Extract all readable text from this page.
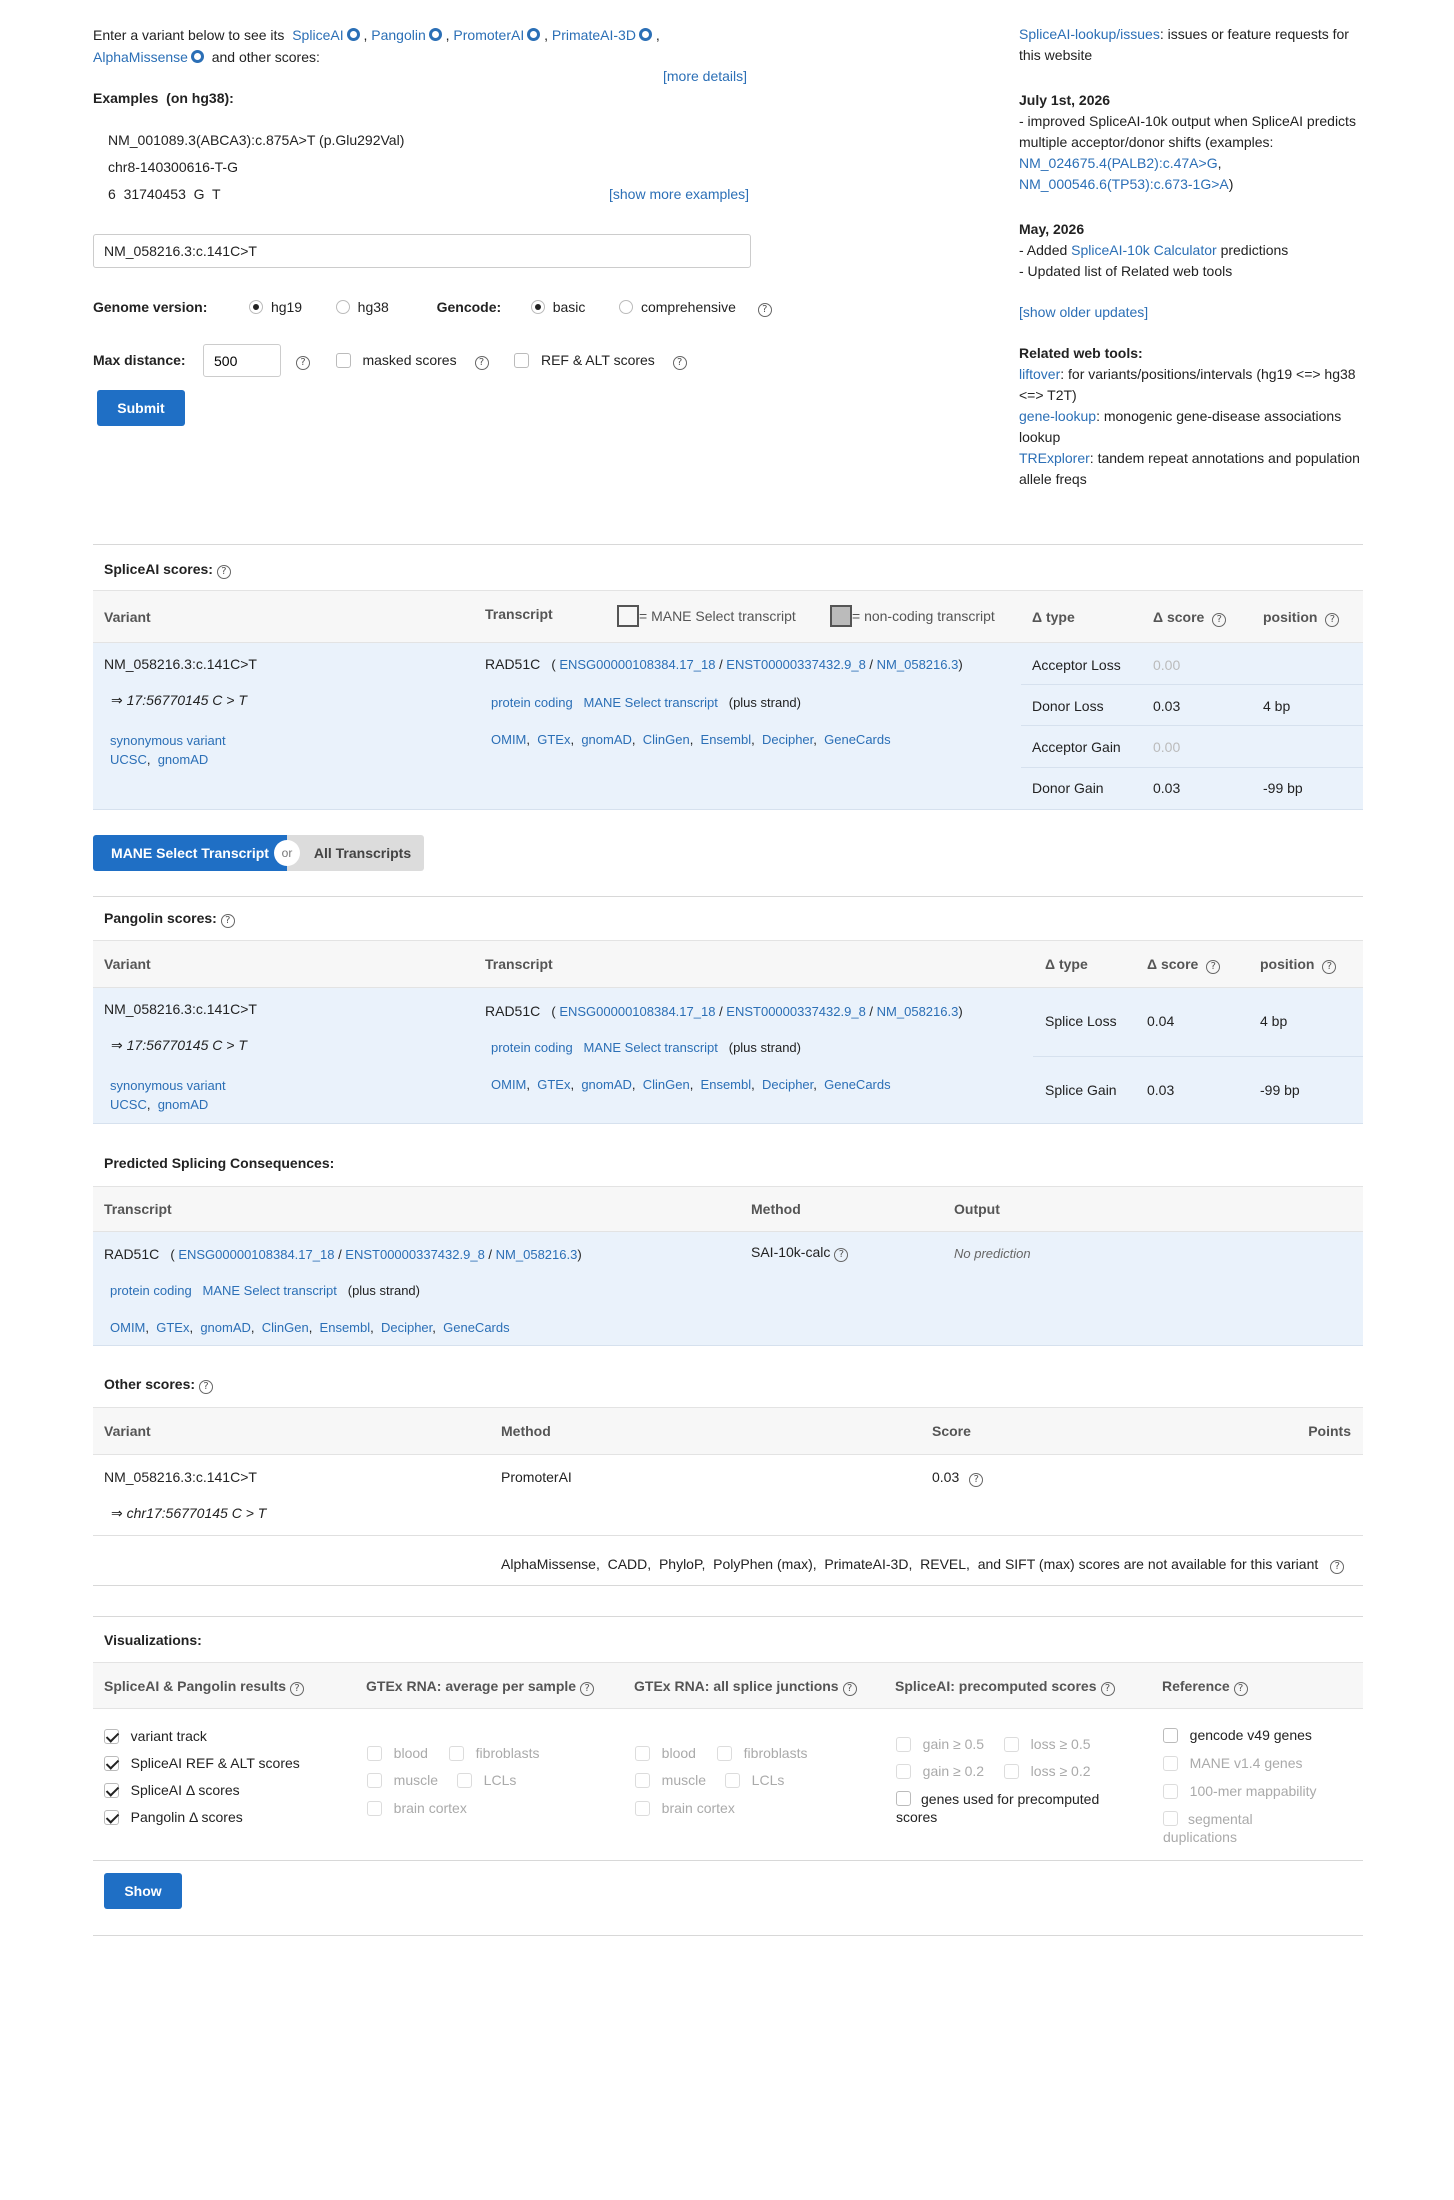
Enter a variant below to see its SpliceAI , Pangolin , PromoterAI , PrimateAI-3D ,
AlphaMissense and other scores:
[more details]
Examples (on hg38):
NM_001089.3(ABCA3):c.875A>T (p.Glu292Val)
chr8-140300616-T-G
6  31740453  G  T	[show more examples]
NM_058216.3:c.141C>T
Genome version:	hg19	hg38	Gencode:	basic	comprehensive	?
Max distance:
500	?	masked scores ?	REF & ALT scores ?
Submit
SpliceAI-lookup/issues: issues or feature requests for this website
July 1st, 2026
- improved SpliceAI-10k output when SpliceAI predicts multiple acceptor/donor shifts (examples: NM_024675.4(PALB2):c.47A>G, NM_000546.6(TP53):c.673-1G>A)
May, 2026
- Added SpliceAI-10k Calculator predictions
- Updated list of Related web tools
[show older updates]
Related web tools:
liftover: for variants/positions/intervals (hg19 <=> hg38 <=> T2T)
gene-lookup: monogenic gene-disease associations lookup
TRExplorer: tandem repeat annotations and population allele freqs
SpliceAI scores: ?
Variant	Transcript	= MANE Select transcript	= non-coding transcript	Δ type	Δ score ?	position ?
NM_058216.3:c.141C>T
⇒ 17:56770145 C > T
synonymous variant
UCSC,  gnomAD
RAD51C   ( ENSG00000108384.17_18 / ENST00000337432.9_8 / NM_058216.3)
protein coding MANE Select transcript (plus strand)
OMIM,  GTEx,  gnomAD,  ClinGen,  Ensembl,  Decipher,  GeneCards
Acceptor Loss 0.00
Donor Loss	0.03	4 bp
Acceptor Gain 0.00
Donor Gain	0.03	-99 bp
MANE Select Transcript	All Transcripts
or
Pangolin scores: ?
Variant	Transcript	Δ type	Δ score ?	position ?
NM_058216.3:c.141C>T
⇒ 17:56770145 C > T
synonymous variant
UCSC,  gnomAD
RAD51C   ( ENSG00000108384.17_18 / ENST00000337432.9_8 / NM_058216.3)
protein coding MANE Select transcript (plus strand)
OMIM,  GTEx,  gnomAD,  ClinGen,  Ensembl,  Decipher,  GeneCards
Splice Loss 0.04	4 bp
Splice Gain 0.03	-99 bp
Predicted Splicing Consequences:
Transcript	Method	Output
RAD51C   ( ENSG00000108384.17_18 / ENST00000337432.9_8 / NM_058216.3)
protein coding MANE Select transcript (plus strand)
OMIM,  GTEx,  gnomAD,  ClinGen,  Ensembl,  Decipher,  GeneCards
SAI-10k-calc ?	No prediction
Other scores: ?
Variant	Method	Score	Points
NM_058216.3:c.141C>T
⇒ chr17:56770145 C > T
PromoterAI	0.03 ?
AlphaMissense,  CADD,  PhyloP,  PolyPhen (max),  PrimateAI-3D,  REVEL,  and SIFT (max) scores are not available for this variant ?
Visualizations:
SpliceAI & Pangolin results ?	GTEx RNA: average per sample ?	GTEx RNA: all splice junctions ?	SpliceAI: precomputed scores ?	Reference ?
variant track
SpliceAI REF & ALT scores
SpliceAI Δ scores
Pangolin Δ scores
blood	fibroblasts
muscle	LCLs
brain cortex
blood	fibroblasts
muscle	LCLs
brain cortex
gain ≥ 0.5	loss ≥ 0.5
gain ≥ 0.2	loss ≥ 0.2
genes used for precomputed scores
gencode v49 genes
MANE v1.4 genes
100-mer mappability
segmental duplications
Show
